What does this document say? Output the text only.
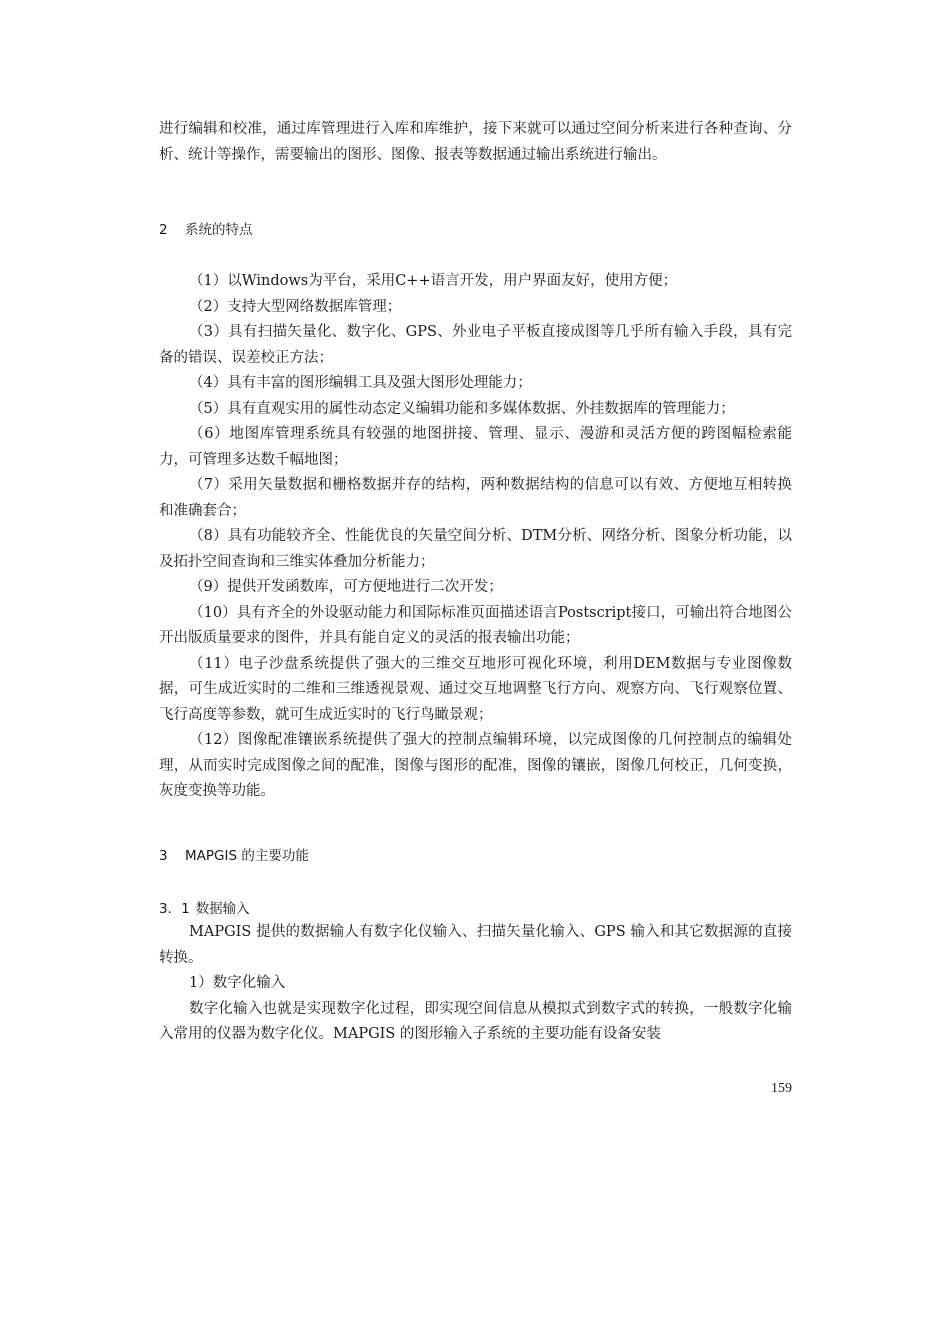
进行编辑和校准，通过库管理进行入库和库维护，接下来就可以通过空间分析来进行各种查询、分析、统计等操作，需要输出的图形、图像、报表等数据通过输出系统进行输出。

2 系统的特点

（1）以Windows为平台，采用C++语言开发，用户界面友好，使用方便；

（2）支持大型网络数据库管理；

（3）具有扫描矢量化、数字化、GPS、外业电子平板直接成图等几乎所有输入手段，具有完备的错误、误差校正方法；

（4）具有丰富的图形编辑工具及强大图形处理能力；

（5）具有直观实用的属性动态定义编辑功能和多媒体数据、外挂数据库的管理能力；

（6）地图库管理系统具有较强的地图拼接、管理、显示、漫游和灵活方便的跨图幅检索能力，可管理多达数千幅地图；

（7）采用矢量数据和栅格数据并存的结构，两种数据结构的信息可以有效、方便地互相转换和准确套合；

（8）具有功能较齐全、性能优良的矢量空间分析、DTM分析、网络分析、图象分析功能，以及拓扑空间查询和三维实体叠加分析能力；

（9）提供开发函数库，可方便地进行二次开发；

（10）具有齐全的外设驱动能力和国际标准页面描述语言Postscript接口，可输出符合地图公开出版质量要求的图件，并具有能自定义的灵活的报表输出功能；

（11）电子沙盘系统提供了强大的三维交互地形可视化环境，利用DEM数据与专业图像数据，可生成近实时的二维和三维透视景观、通过交互地调整飞行方向、观察方向、飞行观察位置、飞行高度等参数，就可生成近实时的飞行鸟瞰景观；

（12）图像配准镶嵌系统提供了强大的控制点编辑环境，以完成图像的几何控制点的编辑处理，从而实时完成图像之间的配准，图像与图形的配准，图像的镶嵌，图像几何校正，几何变换，灰度变换等功能。

3 MAPGIS 的主要功能

3．1 数据输入

MAPGIS 提供的数据输人有数字化仪输入、扫描矢量化输入、GPS 输入和其它数据源的直接转换。

1）数字化输入

数字化输入也就是实现数字化过程，即实现空间信息从模拟式到数字式的转换，一般数字化输入常用的仪器为数字化仪。MAPGIS 的图形输入子系统的主要功能有设备安装

159
